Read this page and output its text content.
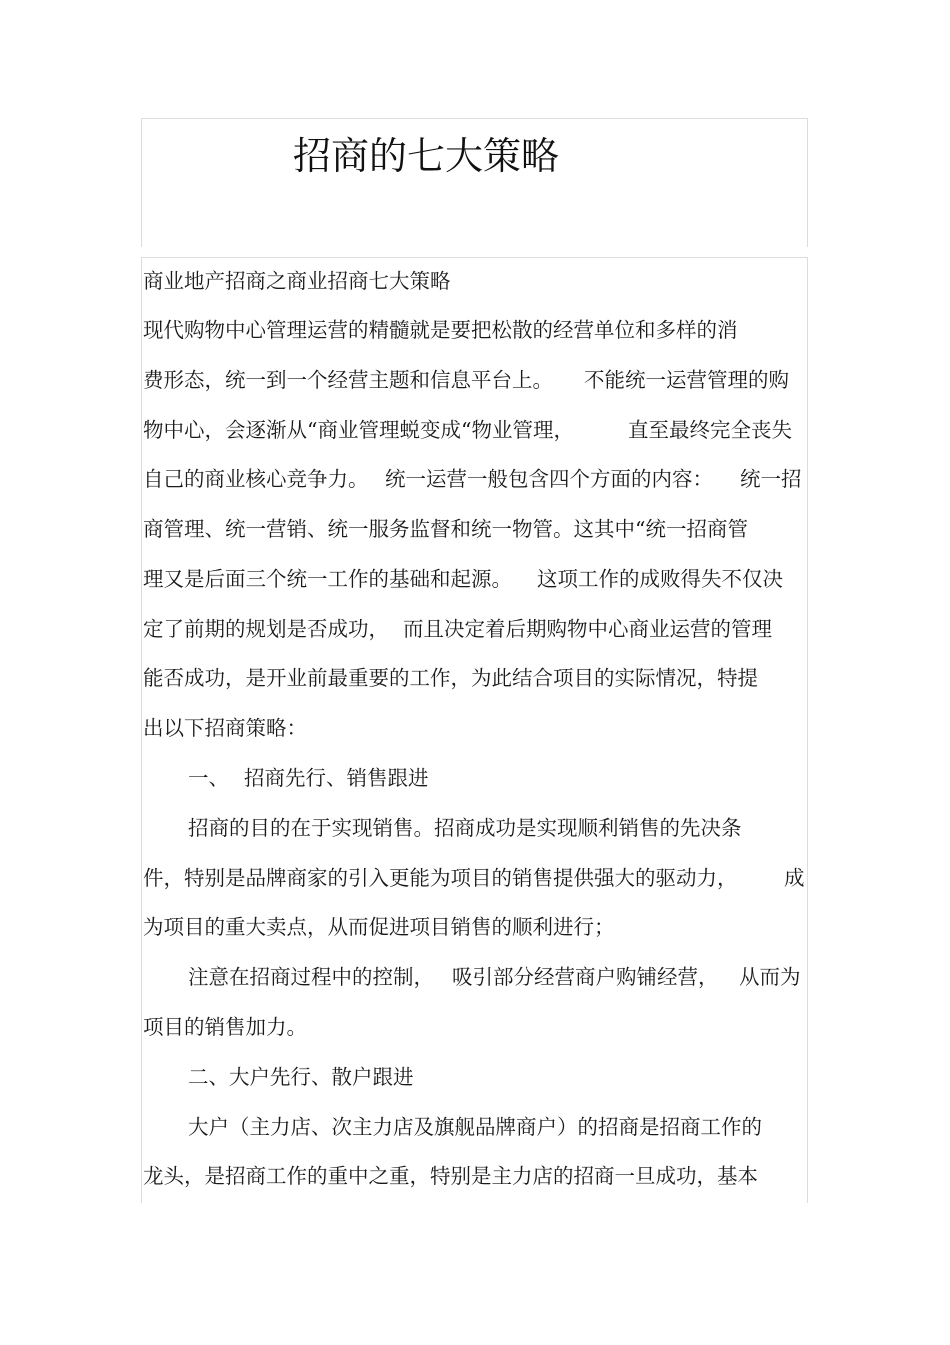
招商的七大策略
商业地产招商之商业招商七大策略
现代购物中心管理运营的精髓就是要把松散的经营单位和多样的消
费形态，统一到一个经营主题和信息平台上。 不能统一运营管理的购
物中心，会逐渐从“商业管理蜕变成“物业管理，	直至最终完全丧失
自己的商业核心竞争力。 统一运营一般包含四个方面的内容： 统一招
商管理、统一营销、统一服务监督和统一物管。这其中“统一招商管
理又是后面三个统一工作的基础和起源。 这项工作的成败得失不仅决
定了前期的规划是否成功， 而且决定着后期购物中心商业运营的管理
能否成功，是开业前最重要的工作，为此结合项目的实际情况，特提
出以下招商策略：
一、 招商先行、销售跟进
招商的目的在于实现销售。招商成功是实现顺利销售的先决条
件，特别是品牌商家的引入更能为项目的销售提供强大的驱动力， 成
为项目的重大卖点，从而促进项目销售的顺利进行；
注意在招商过程中的控制， 吸引部分经营商户购铺经营， 从而为
项目的销售加力。
二、大户先行、散户跟进
大户（主力店、次主力店及旗舰品牌商户）的招商是招商工作的
龙头，是招商工作的重中之重，特别是主力店的招商一旦成功，基本
